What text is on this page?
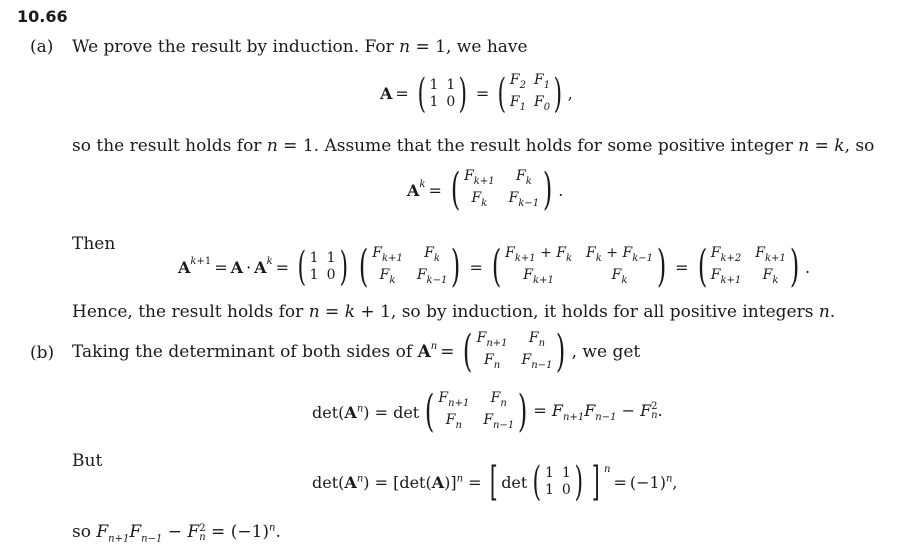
10.66
(a) We prove the result by induction. For n = 1, we have
A = ( 1 1
1 0 ) = ( $F_2$ $F_1$
$F_1$ $F_0$ ) ,
so the result holds for n = 1. Assume that the result holds for some positive integer n = k, so
A $^k$ = ( $F_{k+1}$	$F_k$
$F_k$	$F_{k-1}$ ) .
Then
A $^{k+1}$ = A · A $^k$ = ( 1 1
1 0 ) ( $F_{k+1}$	$F_k$
$F_k$	$F_{k-1}$ ) = ( $F_{k+1} + F_k$ $F_k + F_{k-1}$
$F_{k+1}$	$F_k$ ) = ( $F_{k+2}$ $F_{k+1}$
$F_{k+1}$	$F_k$ ) .
Hence, the result holds for n = k + 1, so by induction, it holds for all positive integers n.
(b) Taking the determinant of both sides of
A $^n$ = ( $F_{n+1}$	$F_n$
$F_n$	$F_{n-1}$ ) , we get
$\det(A^n) = \det$ ( $F_{n+1}$	$F_n$
$F_n$	$F_{n-1}$ ) = $F_{n+1}F_{n-1} - F$ 2
n .
But
$\det(A^n) = [\det(A)]^n$ = [ det ( 1 1
1 0 ) ] $^n$
= $(-1)^n$,
so $F_{n+1}F_{n-1} - F$ 2
$n = (-1)^n$.
